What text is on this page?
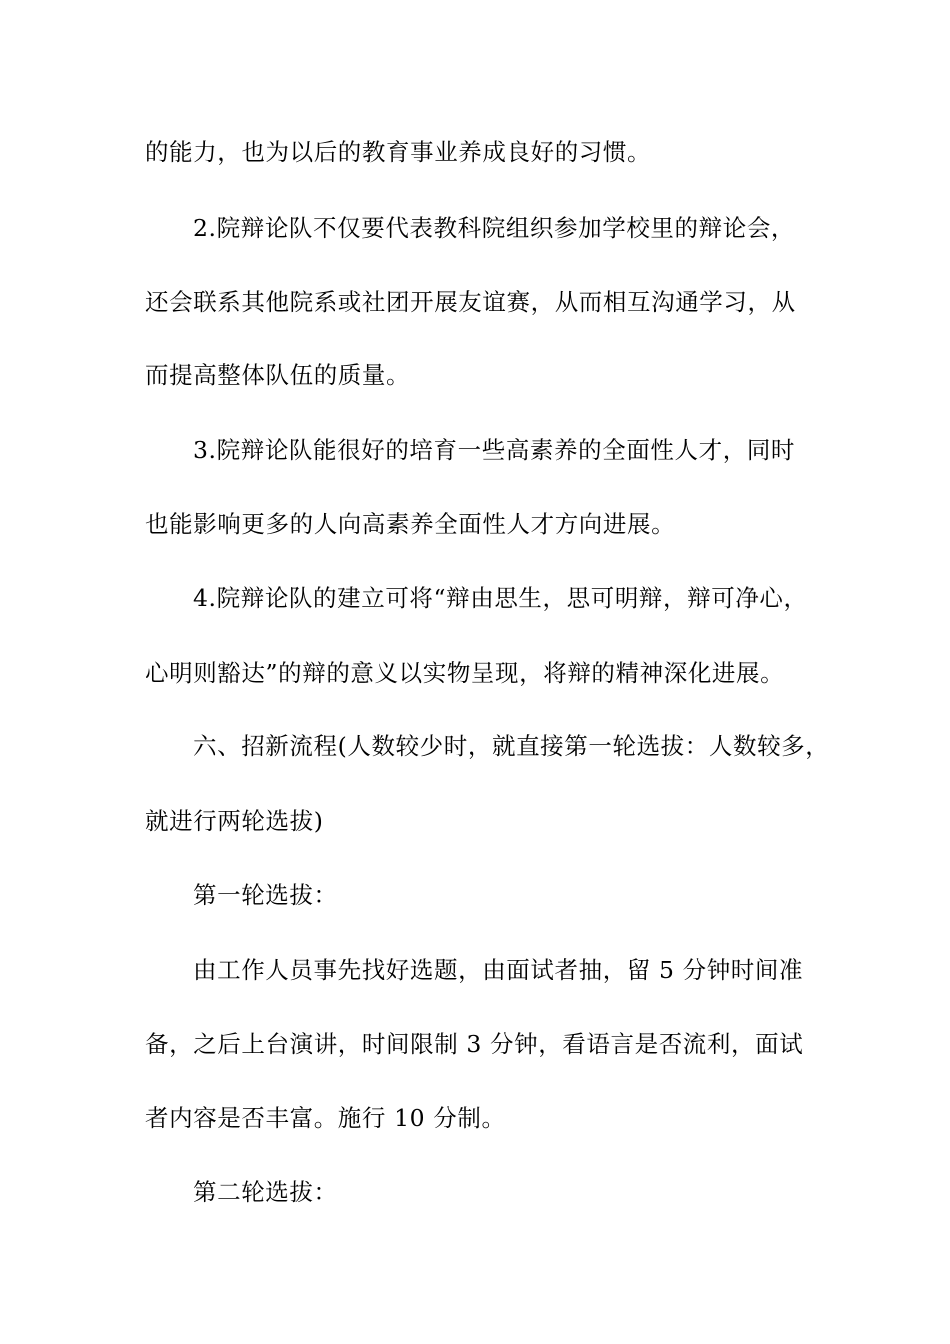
的能力，也为以后的教育事业养成良好的习惯。
2.院辩论队不仅要代表教科院组织参加学校里的辩论会，
还会联系其他院系或社团开展友谊赛，从而相互沟通学习，从
而提高整体队伍的质量。
3.院辩论队能很好的培育一些高素养的全面性人才，同时
也能影响更多的人向高素养全面性人才方向进展。
4.院辩论队的建立可将“辩由思生，思可明辩，辩可净心，
心明则豁达”的辩的意义以实物呈现，将辩的精神深化进展。
六、招新流程(人数较少时，就直接第一轮选拔：人数较多，
就进行两轮选拔)
第一轮选拔：
由工作人员事先找好选题，由面试者抽，留 5 分钟时间准
备，之后上台演讲，时间限制 3 分钟，看语言是否流利，面试
者内容是否丰富。施行 10 分制。
第二轮选拔：
